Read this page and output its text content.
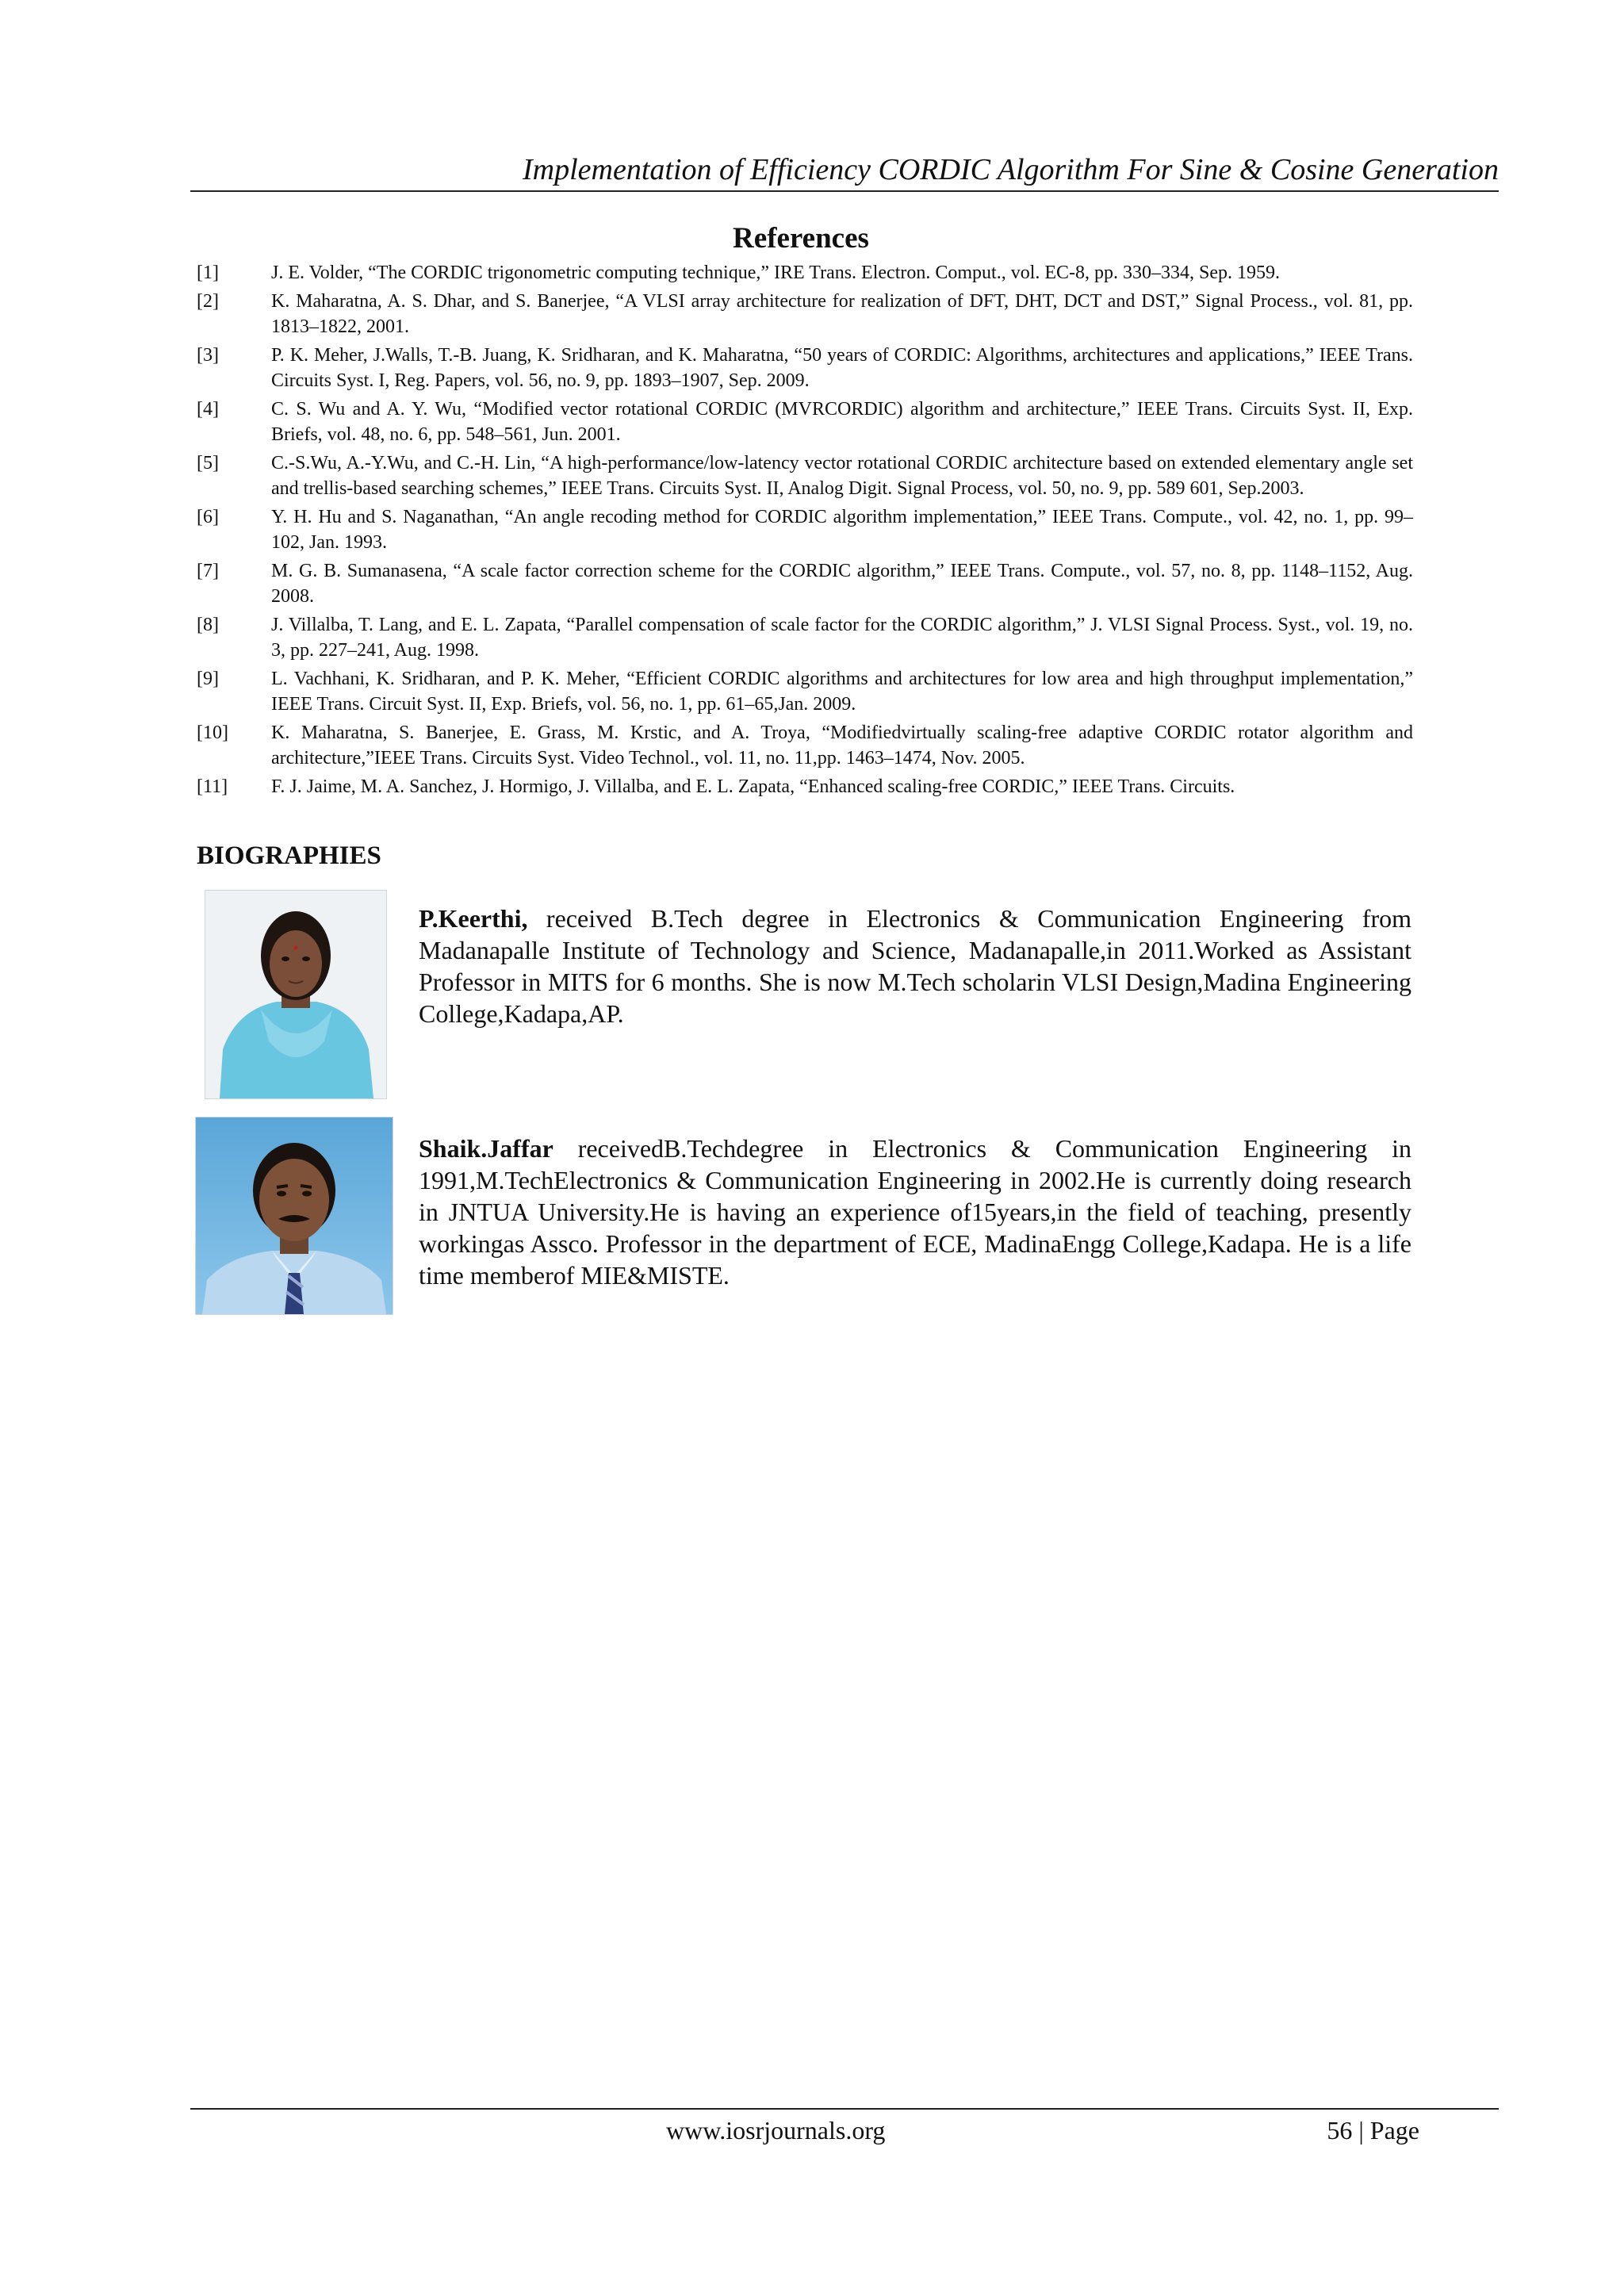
Implementation of Efficiency CORDIC Algorithm For Sine & Cosine Generation
References
[1]	J. E. Volder, “The CORDIC trigonometric computing technique,” IRE Trans. Electron. Comput., vol. EC-8, pp. 330–334, Sep. 1959.
[2]	K. Maharatna, A. S. Dhar, and S. Banerjee, “A VLSI array architecture for realization of DFT, DHT, DCT and DST,” Signal Process., vol. 81, pp. 1813–1822, 2001.
[3]	P. K. Meher, J.Walls, T.-B. Juang, K. Sridharan, and K. Maharatna, “50 years of CORDIC: Algorithms, architectures and applications,” IEEE Trans. Circuits Syst. I, Reg. Papers, vol. 56, no. 9, pp. 1893–1907, Sep. 2009.
[4]	C. S. Wu and A. Y. Wu, “Modified vector rotational CORDIC (MVRCORDIC) algorithm and architecture,” IEEE Trans. Circuits Syst. II, Exp. Briefs, vol. 48, no. 6, pp. 548–561, Jun. 2001.
[5]	C.-S.Wu, A.-Y.Wu, and C.-H. Lin, “A high-performance/low-latency vector rotational CORDIC architecture based on extended elementary angle set and trellis-based searching schemes,” IEEE Trans. Circuits Syst. II, Analog Digit. Signal Process, vol. 50, no. 9, pp. 589 601, Sep.2003.
[6]	Y. H. Hu and S. Naganathan, “An angle recoding method for CORDIC algorithm implementation,” IEEE Trans. Compute., vol. 42, no. 1, pp. 99–102, Jan. 1993.
[7]	M. G. B. Sumanasena, “A scale factor correction scheme for the CORDIC algorithm,” IEEE Trans. Compute., vol. 57, no. 8, pp. 1148–1152, Aug. 2008.
[8]	J. Villalba, T. Lang, and E. L. Zapata, “Parallel compensation of scale factor for the CORDIC algorithm,” J. VLSI Signal Process. Syst., vol. 19, no. 3, pp. 227–241, Aug. 1998.
[9]	L. Vachhani, K. Sridharan, and P. K. Meher, “Efficient CORDIC algorithms and architectures for low area and high throughput implementation,” IEEE Trans. Circuit Syst. II, Exp. Briefs, vol. 56, no. 1, pp. 61–65,Jan. 2009.
[10]	K. Maharatna, S. Banerjee, E. Grass, M. Krstic, and A. Troya, “Modifiedvirtually scaling-free adaptive CORDIC rotator algorithm and architecture,”IEEE Trans. Circuits Syst. Video Technol., vol. 11, no. 11,pp. 1463–1474, Nov. 2005.
[11]	F. J. Jaime, M. A. Sanchez, J. Hormigo, J. Villalba, and E. L. Zapata, “Enhanced scaling-free CORDIC,” IEEE Trans. Circuits.
BIOGRAPHIES
P.Keerthi, received B.Tech degree in Electronics & Communication Engineering from Madanapalle Institute of Technology and Science, Madanapalle,in 2011.Worked as Assistant Professor in MITS for 6 months. She is now M.Tech scholarin VLSI Design,Madina Engineering College,Kadapa,AP.
Shaik.Jaffar receivedB.Techdegree in Electronics & Communication Engineering in 1991,M.TechElectronics & Communication Engineering in 2002.He is currently doing research in JNTUA University.He is having an experience of15years,in the field of teaching, presently workingas Assco. Professor in the department of ECE, MadinaEngg College,Kadapa. He is a life time memberof MIE&MISTE.
www.iosrjournals.org	56 | Page
